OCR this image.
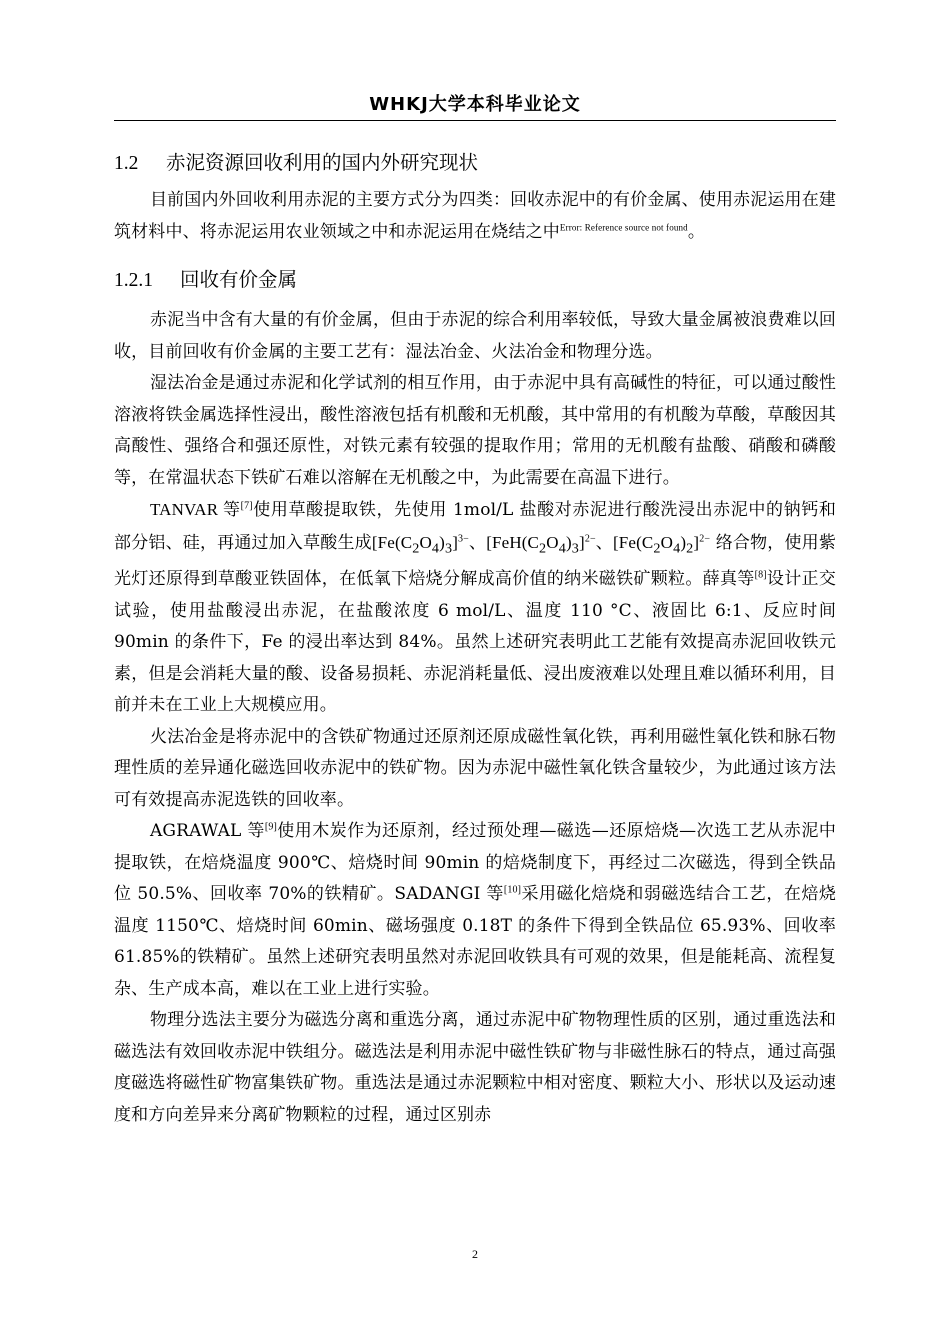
WHKJ大学本科毕业论文
1.2 赤泥资源回收利用的国内外研究现状

目前国内外回收利用赤泥的主要方式分为四类：回收赤泥中的有价金属、使用赤泥运用在建筑材料中、将赤泥运用农业领域之中和赤泥运用在烧结之中$^{Error: Reference source not found}$。

1.2.1 回收有价金属

赤泥当中含有大量的有价金属，但由于赤泥的综合利用率较低，导致大量金属被浪费难以回收，目前回收有价金属的主要工艺有：湿法冶金、火法冶金和物理分选。

湿法冶金是通过赤泥和化学试剂的相互作用，由于赤泥中具有高碱性的特征，可以通过酸性溶液将铁金属选择性浸出，酸性溶液包括有机酸和无机酸，其中常用的有机酸为草酸，草酸因其高酸性、强络合和强还原性，对铁元素有较强的提取作用；常用的无机酸有盐酸、硝酸和磷酸等，在常温状态下铁矿石难以溶解在无机酸之中，为此需要在高温下进行。

TANVAR 等[7]使用草酸提取铁，先使用 1mol/L 盐酸对赤泥进行酸洗浸出赤泥中的钠钙和部分铝、硅，再通过加入草酸生成$[Fe(C_2O_4)_3]^{3-}$、$[FeH(C_2O_4)_3]^{2-}$、$[Fe(C_2O_4)_2]^{2-}$ 络合物，使用紫光灯还原得到草酸亚铁固体，在低氧下焙烧分解成高价值的纳米磁铁矿颗粒。薛真等[8]设计正交试验，使用盐酸浸出赤泥，在盐酸浓度 6 mol/L、温度 110 °C、液固比 6:1、反应时间 90min 的条件下，Fe 的浸出率达到 84%。虽然上述研究表明此工艺能有效提高赤泥回收铁元素，但是会消耗大量的酸、设备易损耗、赤泥消耗量低、浸出废液难以处理且难以循环利用，目前并未在工业上大规模应用。

火法冶金是将赤泥中的含铁矿物通过还原剂还原成磁性氧化铁，再利用磁性氧化铁和脉石物理性质的差异通化磁选回收赤泥中的铁矿物。因为赤泥中磁性氧化铁含量较少，为此通过该方法可有效提高赤泥选铁的回收率。

AGRAWAL 等[9]使用木炭作为还原剂，经过预处理—磁选—还原焙烧—次选工艺从赤泥中提取铁，在焙烧温度 900℃、焙烧时间 90min 的焙烧制度下，再经过二次磁选，得到全铁品位 50.5%、回收率 70%的铁精矿。SADANGI 等[10]采用磁化焙烧和弱磁选结合工艺，在焙烧温度 1150℃、焙烧时间 60min、磁场强度 0.18T 的条件下得到全铁品位 65.93%、回收率 61.85%的铁精矿。虽然上述研究表明虽然对赤泥回收铁具有可观的效果，但是能耗高、流程复杂、生产成本高，难以在工业上进行实验。

物理分选法主要分为磁选分离和重选分离，通过赤泥中矿物物理性质的区别，通过重选法和磁选法有效回收赤泥中铁组分。磁选法是利用赤泥中磁性铁矿物与非磁性脉石的特点，通过高强度磁选将磁性矿物富集铁矿物。重选法是通过赤泥颗粒中相对密度、颗粒大小、形状以及运动速度和方向差异来分离矿物颗粒的过程，通过区别赤

2
